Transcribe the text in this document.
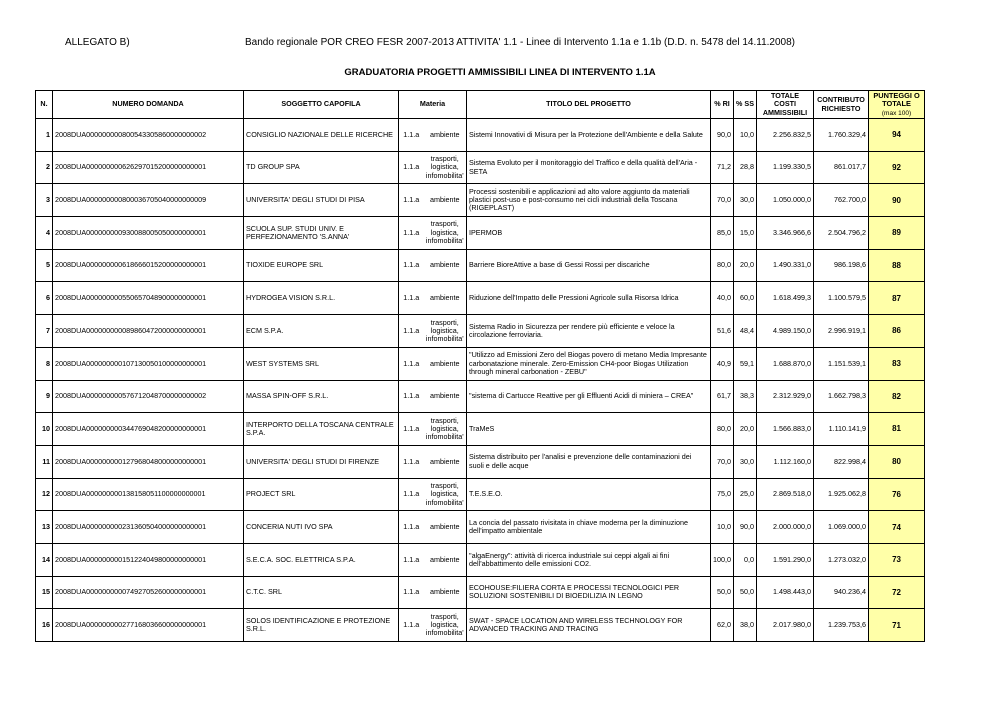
ALLEGATO B)	Bando regionale POR CREO FESR 2007-2013 ATTIVITA' 1.1 - Linee di Intervento 1.1a e 1.1b (D.D. n. 5478 del 14.11.2008)
GRADUATORIA PROGETTI AMMISSIBILI LINEA DI INTERVENTO 1.1A
N.	NUMERO DOMANDA	SOGGETTO CAPOFILA	Materia		TITOLO DEL PROGETTO	% RI	% SS	TOTALE COSTI AMMISSIBILI	CONTRIBUTO RICHIESTO	PUNTEGGI O TOTALE
(max 100)
1	2008DUA000000000800543305860000000002	CONSIGLIO NAZIONALE DELLE RICERCHE	1.1.a	ambiente	Sistemi Innovativi di Misura per la Protezione dell'Ambiente e della Salute	90,0	10,0	2.256.832,5	1.760.329,4	94
2	2008DUA000000000626297015200000000001	TD GROUP SPA	1.1.a	trasporti, logistica, infomobilita'	Sistema Evoluto per il monitoraggio del Traffico e della qualità dell'Aria - SETA	71,2	28,8	1.199.330,5	861.017,7	92
3	2008DUA000000000800036705040000000009	UNIVERSITA' DEGLI STUDI DI PISA	1.1.a	ambiente	Processi sostenibili e applicazioni ad alto valore aggiunto da materiali plastici post-uso e post-consumo nei cicli industriali della Toscana (RIGEPLAST)	70,0	30,0	1.050.000,0	762.700,0	90
4	2008DUA000000000930088005050000000001	SCUOLA SUP. STUDI UNIV. E PERFEZIONAMENTO 'S.ANNA'	1.1.a	trasporti, logistica, infomobilita'	IPERMOB	85,0	15,0	3.346.966,6	2.504.796,2	89
5	2008DUA000000000618666015200000000001	TIOXIDE EUROPE SRL	1.1.a	ambiente	Barriere BioreAttive a base di Gessi Rossi per discariche	80,0	20,0	1.490.331,0	986.198,6	88
6	2008DUA000000000550657048900000000001	HYDROGEA VISION S.R.L.	1.1.a	ambiente	Riduzione dell'Impatto delle Pressioni Agricole sulla Risorsa Idrica	40,0	60,0	1.618.499,3	1.100.579,5	87
7	2008DUA000000000089860472000000000001	ECM S.P.A.	1.1.a	trasporti, logistica, infomobilita'	Sistema Radio in Sicurezza per rendere più efficiente e veloce la circolazione ferroviaria.	51,6	48,4	4.989.150,0	2.996.919,1	86
8	2008DUA000000000107130050100000000001	WEST SYSTEMS SRL	1.1.a	ambiente	"Utilizzo ad Emissioni Zero del Biogas povero di metano Media Impresante carbonatazione minerale. Zero-Emission CH4-poor Biogas Utilization through mineral carbonation - ZEBU"	40,9	59,1	1.688.870,0	1.151.539,1	83
9	2008DUA000000000576712048700000000002	MASSA SPIN-OFF S.R.L.	1.1.a	ambiente	"sistema di Cartucce Reattive per gli Effluenti Acidi di miniera – CREA"	61,7	38,3	2.312.929,0	1.662.798,3	82
10	2008DUA000000000344769048200000000001	INTERPORTO DELLA TOSCANA CENTRALE S.P.A.	1.1.a	trasporti, logistica, infomobilita'	TraMeS	80,0	20,0	1.566.883,0	1.110.141,9	81
11	2008DUA000000000127968048000000000001	UNIVERSITA' DEGLI STUDI DI FIRENZE	1.1.a	ambiente	Sistema distribuito per l'analisi e prevenzione delle contaminazioni dei suoli e delle acque	70,0	30,0	1.112.160,0	822.998,4	80
12	2008DUA000000000138158051100000000001	PROJECT SRL	1.1.a	trasporti, logistica, infomobilita'	T.E.S.E.O.	75,0	25,0	2.869.518,0	1.925.062,8	76
13	2008DUA000000000231360504000000000001	CONCERIA NUTI IVO SPA	1.1.a	ambiente	La concia del passato rivisitata in chiave moderna per la diminuzione dell'impatto ambientale	10,0	90,0	2.000.000,0	1.069.000,0	74
14	2008DUA000000000151224049800000000001	S.E.C.A. SOC. ELETTRICA S.P.A.	1.1.a	ambiente	"algaEnergy": attività di ricerca industriale sui ceppi algali ai fini dell'abbattimento delle emissioni CO2.	100,0	0,0	1.591.290,0	1.273.032,0	73
15	2008DUA000000000074927052600000000001	C.T.C. SRL	1.1.a	ambiente	ECOHOUSE:FILIERA CORTA E PROCESSI TECNOLOGICI PER SOLUZIONI SOSTENIBILI DI BIOEDILIZIA IN LEGNO	50,0	50,0	1.498.443,0	940.236,4	72
16	2008DUA000000000277168036600000000001	SOLOS IDENTIFICAZIONE E PROTEZIONE S.R.L.	1.1.a	trasporti, logistica, infomobilita'	SWAT - SPACE LOCATION AND WIRELESS TECHNOLOGY FOR ADVANCED TRACKING AND TRACING	62,0	38,0	2.017.980,0	1.239.753,6	71
